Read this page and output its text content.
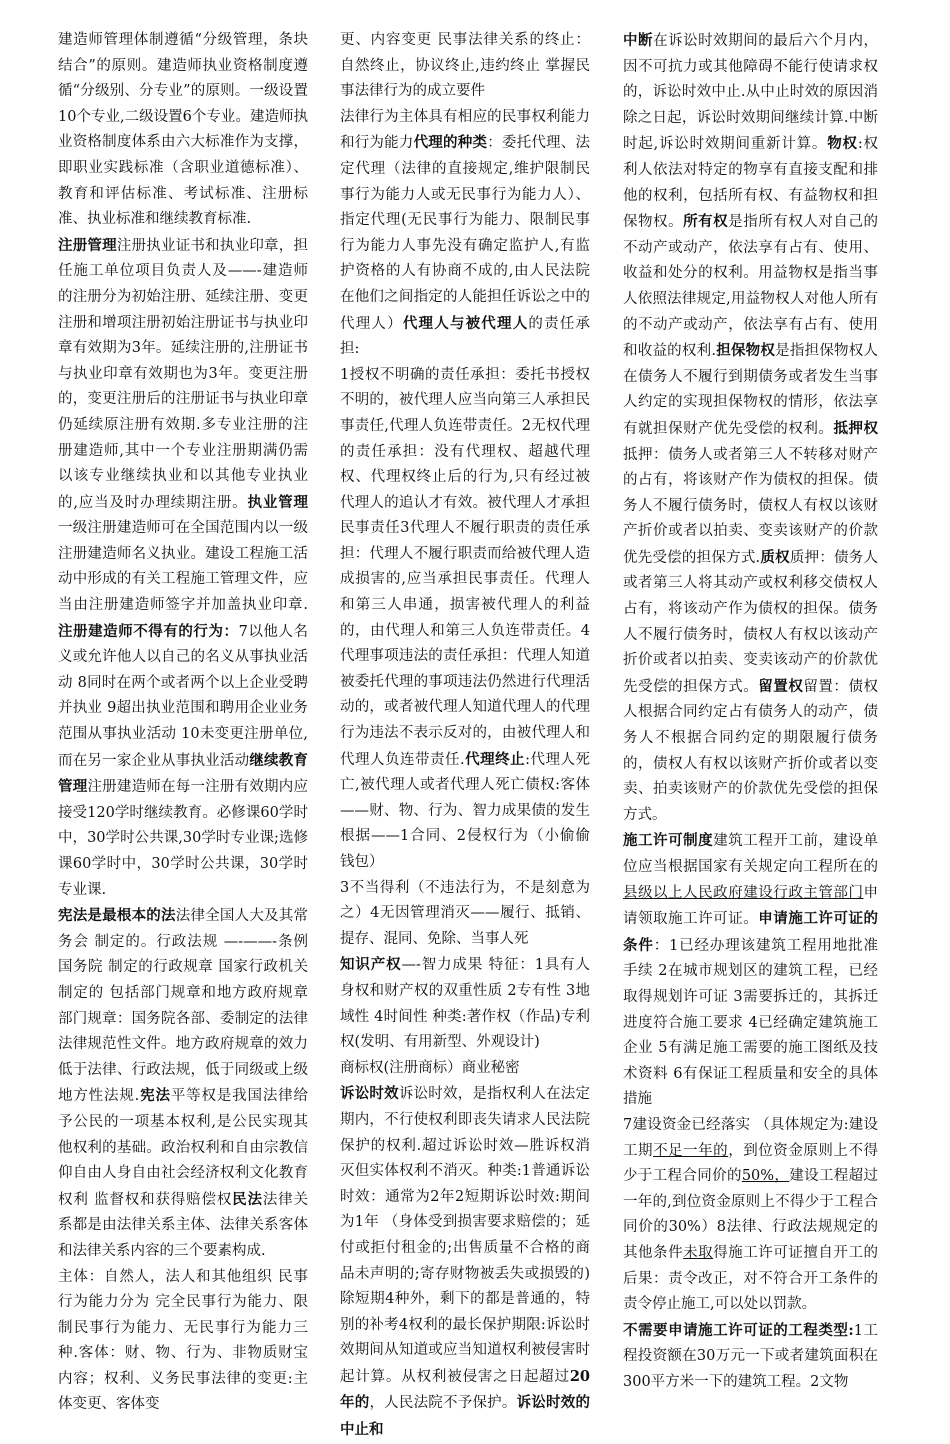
建造师管理体制遵循“分级管理，条块结合”的原则。建造师执业资格制度遵循“分级别、分专业”的原则。一级设置10个专业,二级设置6个专业。建造师执业资格制度体系由六大标准作为支撑，即职业实践标准（含职业道德标准）、教育和评估标准、考试标准、注册标准、执业标准和继续教育标准.

注册管理注册执业证书和执业印章，担任施工单位项目负责人及——-建造师的注册分为初始注册、延续注册、变更注册和增项注册初始注册证书与执业印章有效期为3年。延续注册的,注册证书与执业印章有效期也为3年。变更注册的，变更注册后的注册证书与执业印章仍延续原注册有效期.多专业注册的注册建造师,其中一个专业注册期满仍需以该专业继续执业和以其他专业执业的,应当及时办理续期注册。执业管理一级注册建造师可在全国范围内以一级注册建造师名义执业。建设工程施工活动中形成的有关工程施工管理文件，应当由注册建造师签字并加盖执业印章.注册建造师不得有的行为：7以他人名义或允许他人以自己的名义从事执业活动 8同时在两个或者两个以上企业受聘并执业 9超出执业范围和聘用企业业务范围从事执业活动 10未变更注册单位,而在另一家企业从事执业活动继续教育管理注册建造师在每一注册有效期内应接受120学时继续教育。必修课60学时中，30学时公共课,30学时专业课;选修课60学时中，30学时公共课，30学时专业课.

宪法是最根本的法法律全国人大及其常务会 制定的。行政法规 —-——-条例 国务院 制定的行政规章 国家行政机关制定的 包括部门规章和地方政府规章部门规章：国务院各部、委制定的法律法律规范性文件。地方政府规章的效力低于法律、行政法规，低于同级或上级地方性法规.宪法平等权是我国法律给予公民的一项基本权利,是公民实现其他权利的基础。政治权利和自由宗教信仰自由人身自由社会经济权利文化教育权利 监督权和获得赔偿权民法法律关系都是由法律关系主体、法律关系客体和法律关系内容的三个要素构成.

主体：自然人，法人和其他组织 民事行为能力分为 完全民事行为能力、限制民事行为能力、无民事行为能力三种.客体：财、物、行为、非物质财宝内容；权利、义务民事法律的变更:主体变更、客体变

更、内容变更 民事法律关系的终止：自然终止，协议终止,违约终止 掌握民事法律行为的成立要件

法律行为主体具有相应的民事权利能力和行为能力代理的种类：委托代理、法定代理（法律的直接规定,维护限制民事行为能力人或无民事行为能力人）、指定代理(无民事行为能力、限制民事行为能力人事先没有确定监护人,有监护资格的人有协商不成的,由人民法院在他们之间指定的人能担任诉讼之中的代理人）代理人与被代理人的责任承担:

1授权不明确的责任承担：委托书授权不明的，被代理人应当向第三人承担民事责任,代理人负连带责任。2无权代理的责任承担：没有代理权、超越代理权、代理权终止后的行为,只有经过被代理人的追认才有效。被代理人才承担民事责任3代理人不履行职责的责任承担：代理人不履行职责而给被代理人造成损害的,应当承担民事责任。代理人和第三人串通，损害被代理人的利益的，由代理人和第三人负连带责任。4代理事项违法的责任承担：代理人知道被委托代理的事项违法仍然进行代理活动的，或者被代理人知道代理人的代理行为违法不表示反对的，由被代理人和代理人负连带责任.代理终止:代理人死亡,被代理人或者代理人死亡债权:客体——财、物、行为、智力成果债的发生根据——1合同、2侵权行为（小偷偷钱包）

3不当得利（不违法行为，不是刻意为之）4无因管理消灭——履行、抵销、提存、混同、免除、当事人死

知识产权—-智力成果 特征：1具有人身权和财产权的双重性质 2专有性 3地域性 4时间性 种类:著作权（作品)专利权(发明、有用新型、外观设计)

商标权(注册商标）商业秘密

诉讼时效诉讼时效，是指权利人在法定期内，不行使权利即丧失请求人民法院保护的权利.超过诉讼时效—胜诉权消灭但实体权利不消灭。种类:1普通诉讼时效：通常为2年2短期诉讼时效:期间为1年 （身体受到损害要求赔偿的；延付或拒付租金的;出售质量不合格的商品未声明的;寄存财物被丢失或损毁的)除短期4种外，剩下的都是普通的，特别的补考4权利的最长保护期限:诉讼时效期间从知道或应当知道权利被侵害时起计算。从权利被侵害之日起超过20年的，人民法院不予保护。诉讼时效的中止和

中断在诉讼时效期间的最后六个月内，因不可抗力或其他障碍不能行使请求权的，诉讼时效中止.从中止时效的原因消除之日起，诉讼时效期间继续计算.中断时起,诉讼时效期间重新计算。物权:权利人依法对特定的物享有直接支配和排他的权利，包括所有权、有益物权和担保物权。所有权是指所有权人对自己的不动产或动产，依法享有占有、使用、收益和处分的权利。用益物权是指当事人依照法律规定,用益物权人对他人所有的不动产或动产，依法享有占有、使用和收益的权利.担保物权是指担保物权人在债务人不履行到期债务或者发生当事人约定的实现担保物权的情形，依法享有就担保财产优先受偿的权利。抵押权抵押：债务人或者第三人不转移对财产的占有，将该财产作为债权的担保。债务人不履行债务时，债权人有权以该财产折价或者以拍卖、变卖该财产的价款优先受偿的担保方式.质权质押：债务人或者第三人将其动产或权利移交债权人占有，将该动产作为债权的担保。债务人不履行债务时，债权人有权以该动产折价或者以拍卖、变卖该动产的价款优先受偿的担保方式。留置权留置：债权人根据合同约定占有债务人的动产，债务人不根据合同约定的期限履行债务的，债权人有权以该财产折价或者以变卖、拍卖该财产的价款优先受偿的担保方式。

施工许可制度建筑工程开工前，建设单位应当根据国家有关规定向工程所在的县级以上人民政府建设行政主管部门申请领取施工许可证。申请施工许可证的条件：1已经办理该建筑工程用地批准手续 2在城市规划区的建筑工程，已经取得规划许可证 3需要拆迁的，其拆迁进度符合施工要求 4已经确定建筑施工企业 5有满足施工需要的施工图纸及技术资料 6有保证工程质量和安全的具体措施

7建设资金已经落实 （具体规定为:建设工期不足一年的，到位资金原则上不得少于工程合同价的50%，建设工程超过一年的,到位资金原则上不得少于工程合同价的30%）8法律、行政法规规定的其他条件未取得施工许可证擅自开工的后果：责令改正，对不符合开工条件的责令停止施工,可以处以罚款。

不需要申请施工许可证的工程类型:1工程投资额在30万元一下或者建筑面积在300平方米一下的建筑工程。2文物
